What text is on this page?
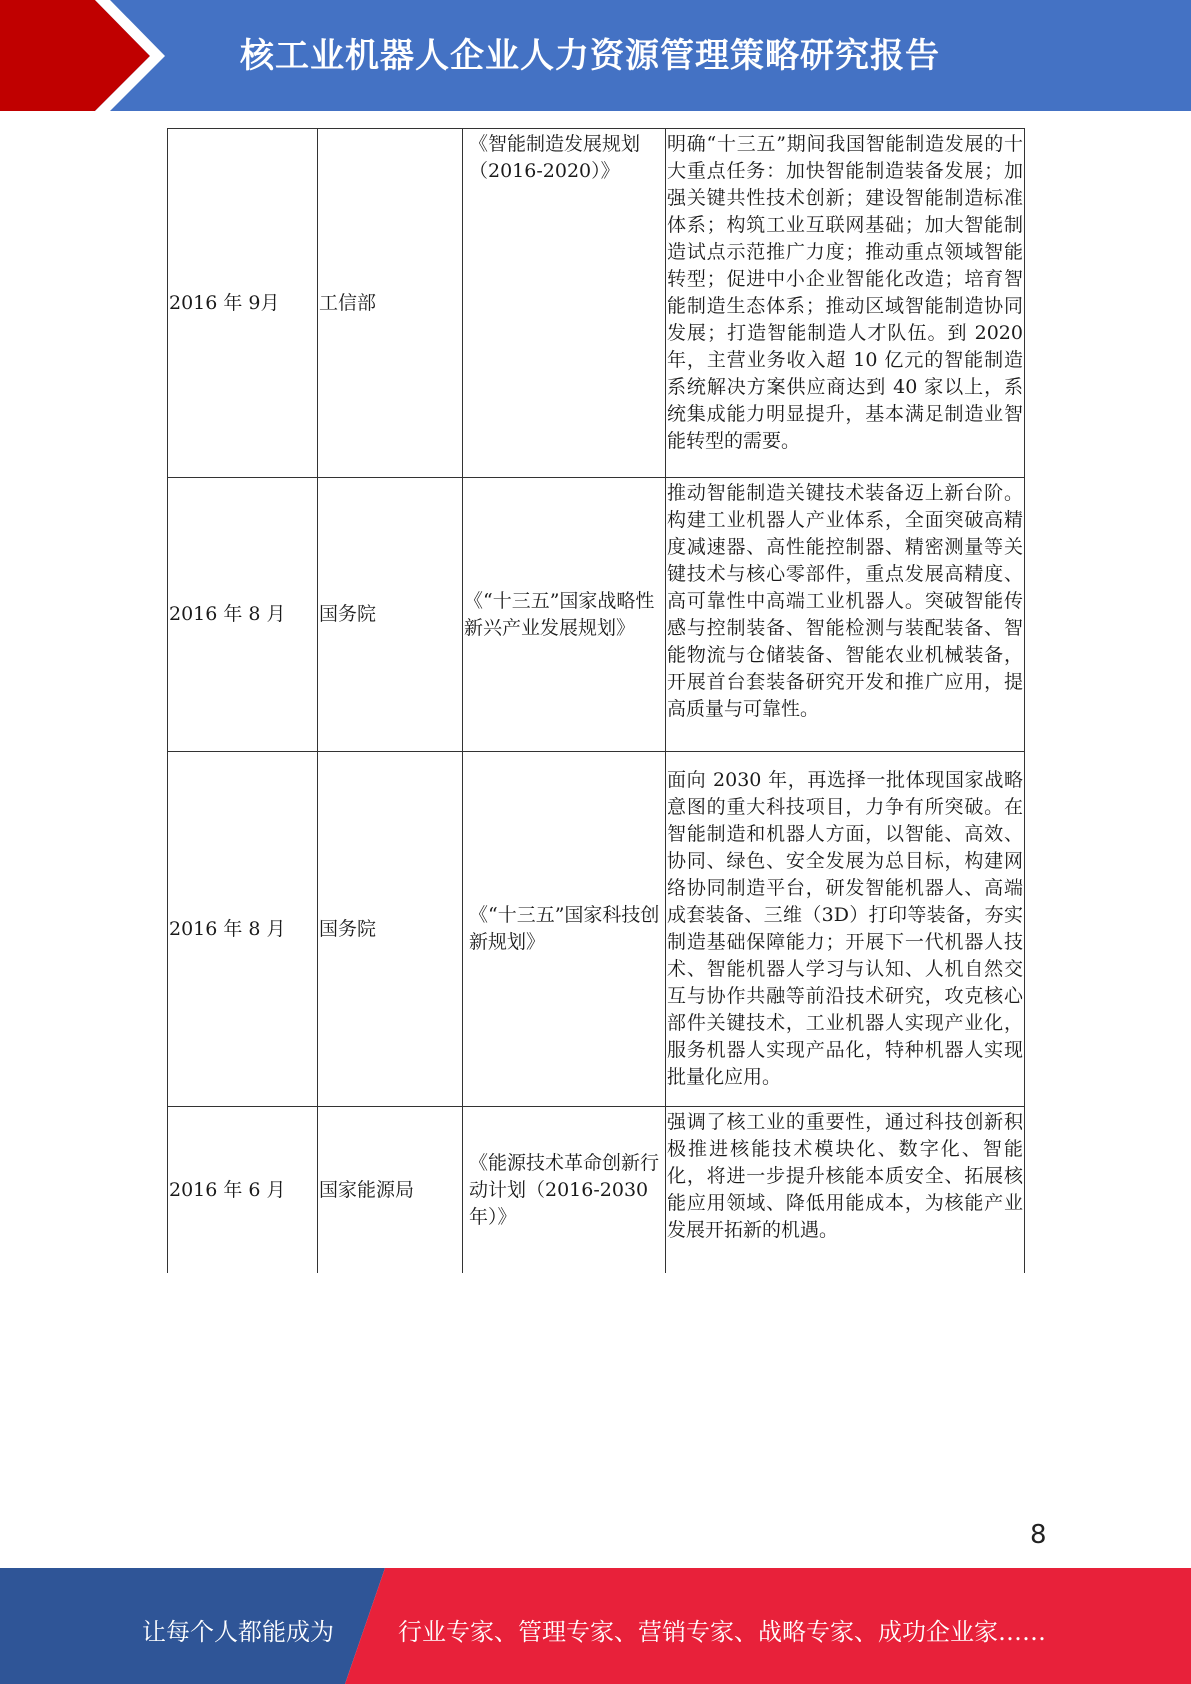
核工业机器人企业人力资源管理策略研究报告
2016 年 9月	工信部	《智能制造发展规划（2016-2020）》	明确“十三五”期间我国智能制造发展的十大重点任务：加快智能制造装备发展；加强关键共性技术创新；建设智能制造标准体系；构筑工业互联网基础；加大智能制造试点示范推广力度；推动重点领域智能转型；促进中小企业智能化改造；培育智能制造生态体系；推动区域智能制造协同发展；打造智能制造人才队伍。到 2020 年，主营业务收入超 10 亿元的智能制造系统解决方案供应商达到 40 家以上，系统集成能力明显提升，基本满足制造业智能转型的需要。
2016 年 8 月	国务院	《“十三五”国家战略性新兴产业发展规划》	推动智能制造关键技术装备迈上新台阶。构建工业机器人产业体系，全面突破高精度减速器、高性能控制器、精密测量等关键技术与核心零部件，重点发展高精度、高可靠性中高端工业机器人。突破智能传感与控制装备、智能检测与装配装备、智能物流与仓储装备、智能农业机械装备，开展首台套装备研究开发和推广应用，提高质量与可靠性。
2016 年 8 月	国务院	《“十三五”国家科技创新规划》	面向 2030 年，再选择一批体现国家战略意图的重大科技项目，力争有所突破。在智能制造和机器人方面，以智能、高效、协同、绿色、安全发展为总目标，构建网络协同制造平台，研发智能机器人、高端成套装备、三维（3D）打印等装备，夯实制造基础保障能力；开展下一代机器人技术、智能机器人学习与认知、人机自然交互与协作共融等前沿技术研究，攻克核心部件关键技术，工业机器人实现产业化，服务机器人实现产品化，特种机器人实现批量化应用。
2016 年 6 月	国家能源局	《能源技术革命创新行动计划（2016-2030 年）》	强调了核工业的重要性，通过科技创新积极推进核能技术模块化、数字化、智能化，将进一步提升核能本质安全、拓展核能应用领域、降低用能成本，为核能产业发展开拓新的机遇。
8
让每个人都能成为	行业专家、管理专家、营销专家、战略专家、成功企业家……
